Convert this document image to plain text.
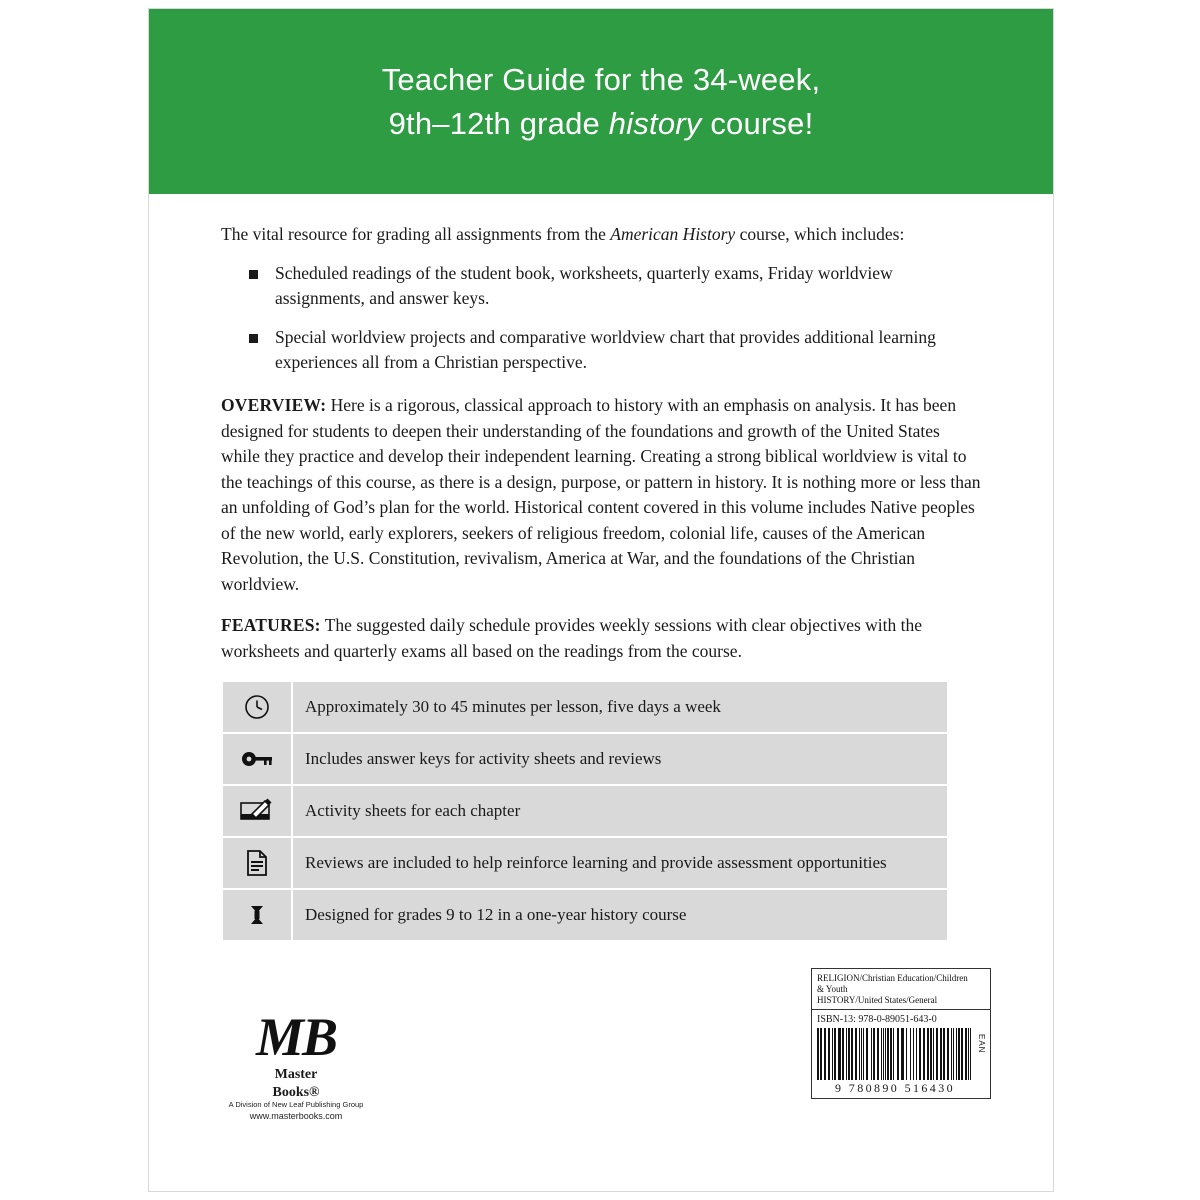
Teacher Guide for the 34-week,
9th–12th grade history course!

The vital resource for grading all assignments from the American History course, which includes:

Scheduled readings of the student book, worksheets, quarterly exams, Friday worldview assignments, and answer keys.
Special worldview projects and comparative worldview chart that provides additional learning experiences all from a Christian perspective.

OVERVIEW: Here is a rigorous, classical approach to history with an emphasis on analysis. It has been designed for students to deepen their understanding of the foundations and growth of the United States while they practice and develop their independent learning. Creating a strong biblical worldview is vital to the teachings of this course, as there is a design, purpose, or pattern in history. It is nothing more or less than an unfolding of God’s plan for the world. Historical content covered in this volume includes Native peoples of the new world, early explorers, seekers of religious freedom, colonial life, causes of the American Revolution, the U.S. Constitution, revivalism, America at War, and the foundations of the Christian worldview.

FEATURES: The suggested daily schedule provides weekly sessions with clear objectives with the worksheets and quarterly exams all based on the readings from the course.

	Approximately 30 to 45 minutes per lesson, five days a week

	Includes answer keys for activity sheets and reviews

	Activity sheets for each chapter

	Reviews are included to help reinforce learning and provide assessment opportunities

	Designed for grades 9 to 12 in a one-year history course
MB
Master
Books®
A Division of New Leaf Publishing Group
www.masterbooks.com
RELIGION/Christian Education/Children
& Youth
HISTORY/United States/General
ISBN-13: 978-0-89051-643-0
EAN
9 780890 516430
